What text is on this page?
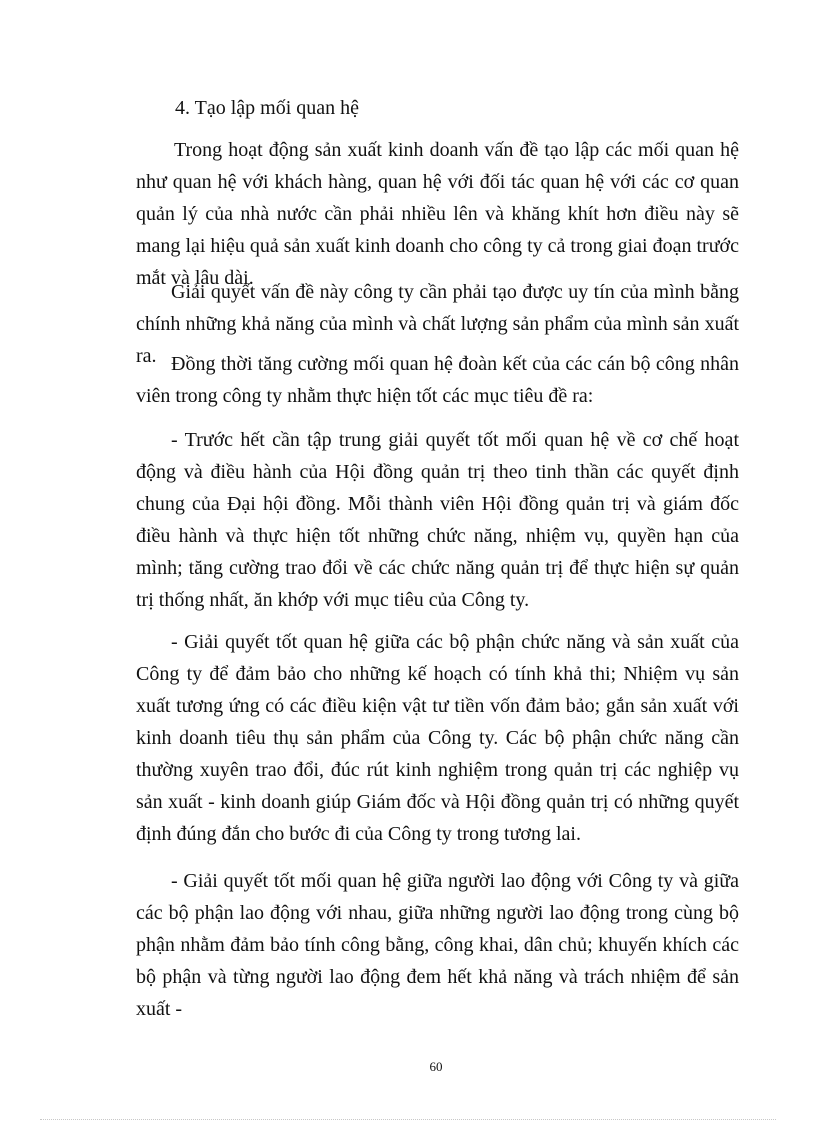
4. Tạo lập mối quan hệ

Trong hoạt động sản xuất kinh doanh vấn đề tạo lập các mối quan hệ như quan hệ với khách hàng, quan hệ với đối tác quan hệ với các cơ quan quản lý của nhà nước cần phải nhiều lên và khăng khít hơn điều này sẽ mang lại hiệu quả sản xuất kinh doanh cho công ty cả trong giai đoạn trước mắt và lâu dài.

Giải quyết vấn đề này công ty cần phải tạo được uy tín của mình bằng chính những khả năng của mình và chất lượng sản phẩm của mình sản xuất ra. Đồng thời tăng cường mối quan hệ đoàn kết của các cán bộ công nhân viên trong công ty nhằm thực hiện tốt các mục tiêu đề ra:

- Trước hết cần tập trung giải quyết tốt mối quan hệ về cơ chế hoạt động và điều hành của Hội đồng quản trị theo tinh thần các quyết định chung của Đại hội đồng. Mỗi thành viên Hội đồng quản trị và giám đốc điều hành và thực hiện tốt những chức năng, nhiệm vụ, quyền hạn của mình; tăng cường trao đổi về các chức năng quản trị để thực hiện sự quản trị thống nhất, ăn khớp với mục tiêu của Công ty.

- Giải quyết tốt quan hệ giữa các bộ phận chức năng và sản xuất của Công ty để đảm bảo cho những kế hoạch có tính khả thi; Nhiệm vụ sản xuất tương ứng có các điều kiện vật tư tiền vốn đảm bảo; gắn sản xuất với kinh doanh tiêu thụ sản phẩm của Công ty. Các bộ phận chức năng cần thường xuyên trao đổi, đúc rút kinh nghiệm trong quản trị các nghiệp vụ sản xuất - kinh doanh giúp Giám đốc và Hội đồng quản trị có những quyết định đúng đắn cho bước đi của Công ty trong tương lai.

- Giải quyết tốt mối quan hệ giữa người lao động với Công ty và giữa các bộ phận lao động với nhau, giữa những người lao động trong cùng bộ phận nhằm đảm bảo tính công bằng, công khai, dân chủ; khuyến khích các bộ phận và từng người lao động đem hết khả năng và trách nhiệm để sản xuất -

60
